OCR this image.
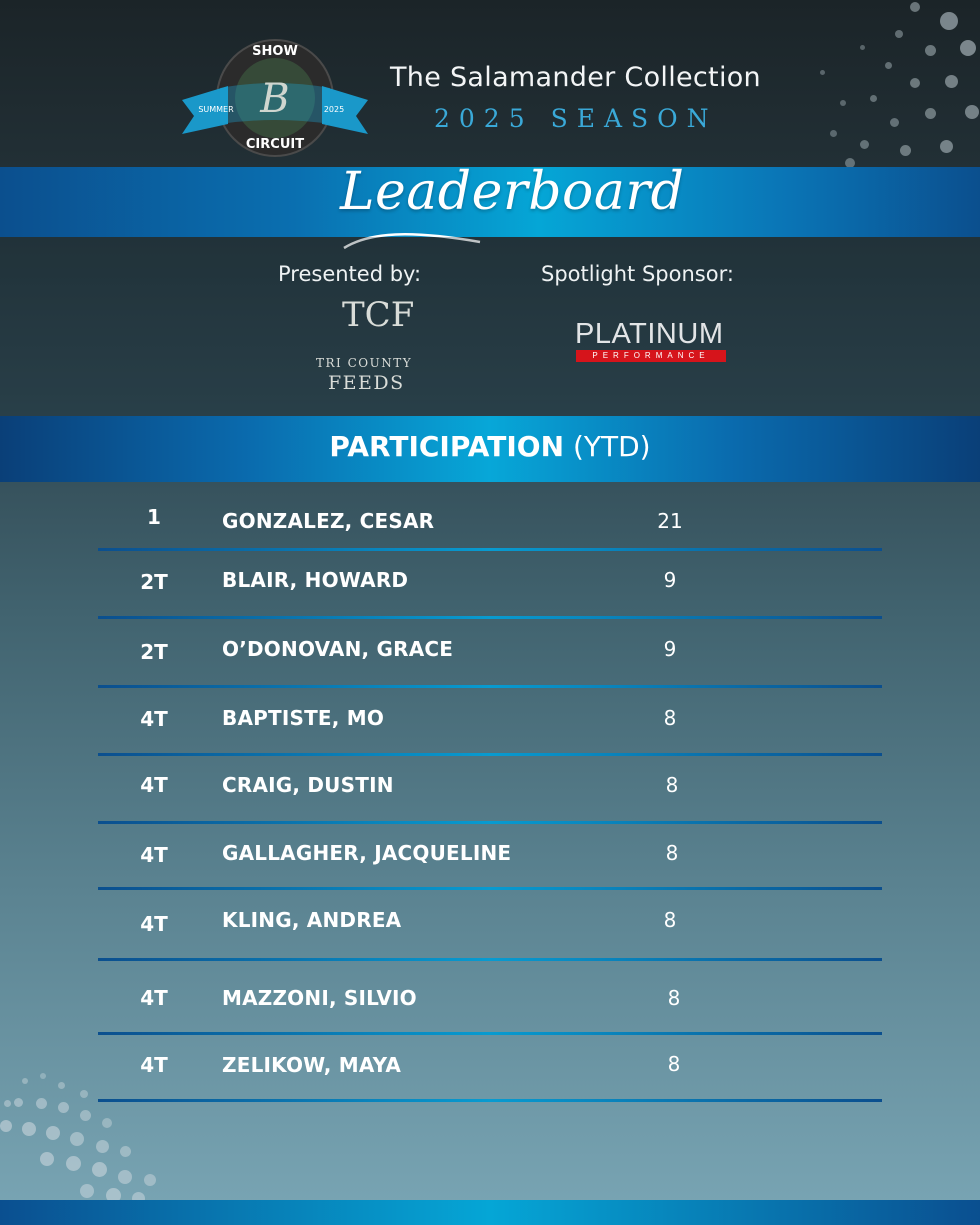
SHOW
CIRCUIT
SUMMER	2025
B	The Salamander Collection
2025 SEASON
Leaderboard
Presented by:	Spotlight Sponsor:
TCF
TRI COUNTY
FEEDS
PLATINUM
PERFORMANCE
PARTICIPATION (YTD)
1	GONZALEZ, CESAR	21
2T	BLAIR, HOWARD	9
2T	O’DONOVAN, GRACE	9
4T	BAPTISTE, MO	8
4T	CRAIG, DUSTIN	8
4T	GALLAGHER, JACQUELINE	8
4T	KLING, ANDREA	8
4T	MAZZONI, SILVIO	8
4T	ZELIKOW, MAYA	8
